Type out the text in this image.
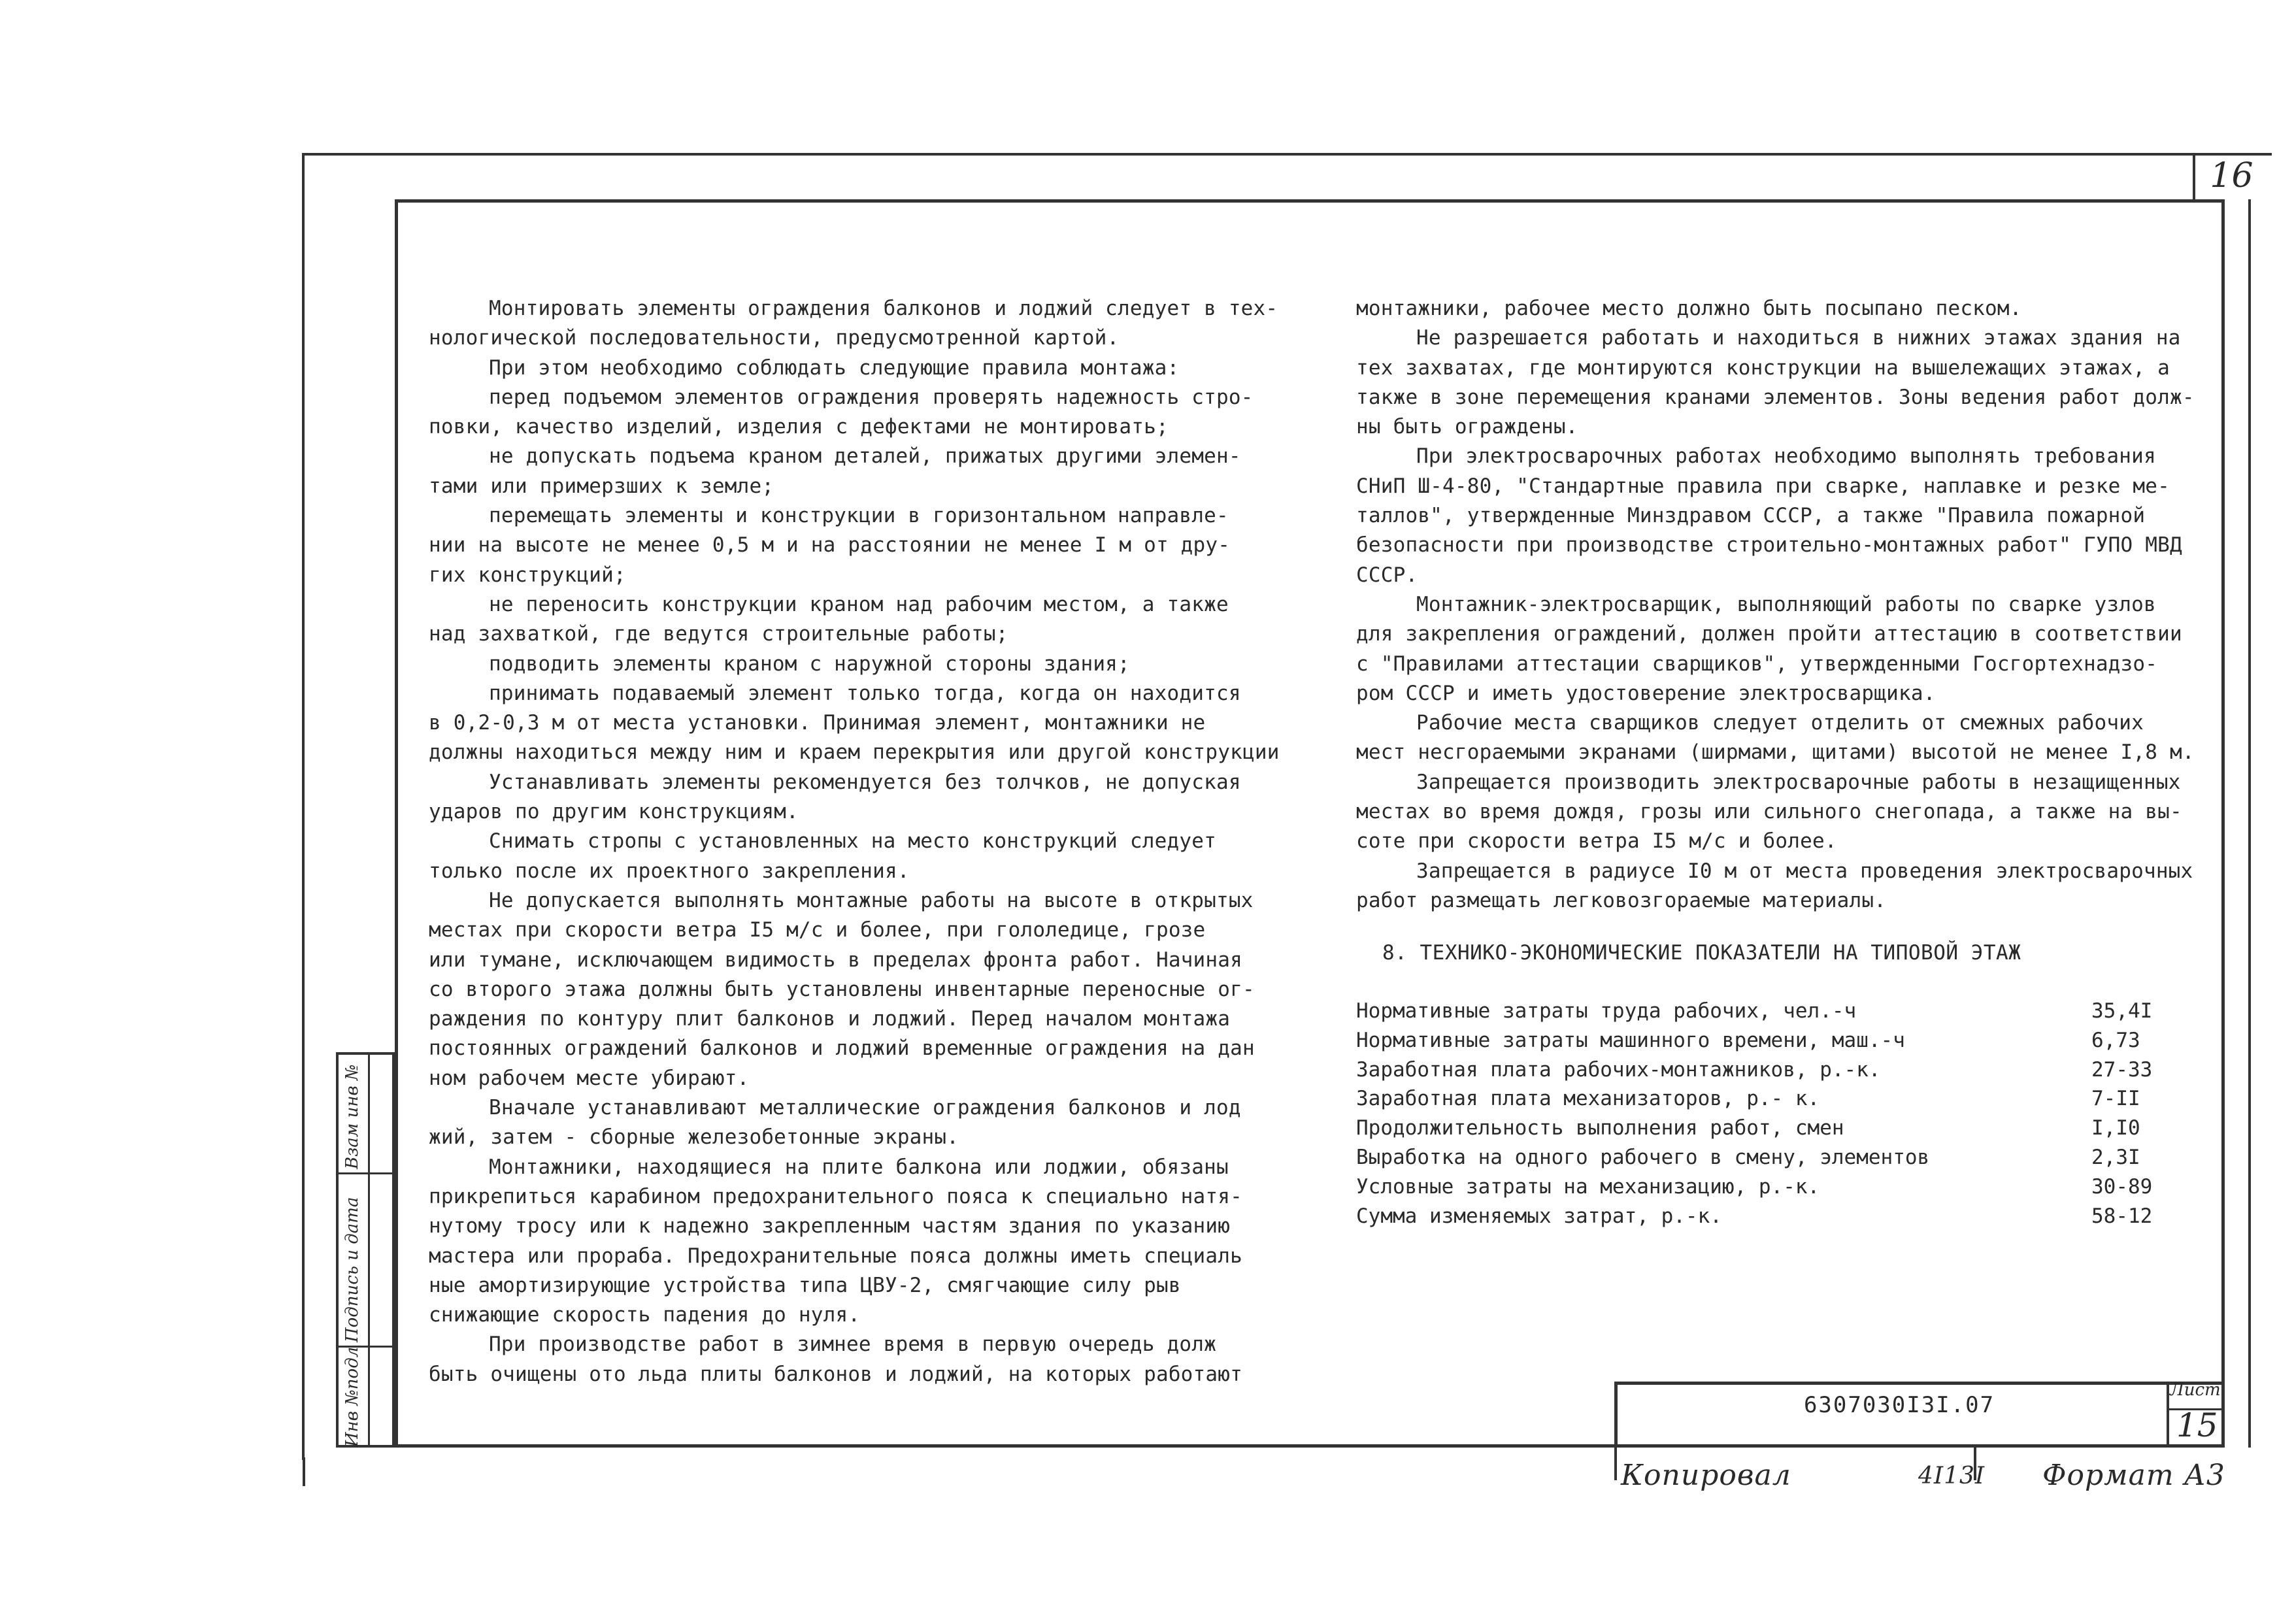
16

Монтировать элементы ограждения балконов и лоджий следует в тех-

нологической последовательности, предусмотренной картой.

При этом необходимо соблюдать следующие правила монтажа:

перед подъемом элементов ограждения проверять надежность стро-

повки, качество изделий, изделия с дефектами не монтировать;

не допускать подъема краном деталей, прижатых другими элемен-

тами или примерзших к земле;

перемещать элементы и конструкции в горизонтальном направле-

нии на высоте не менее 0,5 м и на расстоянии не менее I м от дру-

гих конструкций;

не переносить конструкции краном над рабочим местом, а также

над захваткой, где ведутся строительные работы;

подводить элементы краном с наружной стороны здания;

принимать подаваемый элемент только тогда, когда он находится

в 0,2-0,3 м от места установки. Принимая элемент, монтажники не

должны находиться между ним и краем перекрытия или другой конструкции

Устанавливать элементы рекомендуется без толчков, не допуская

ударов по другим конструкциям.

Снимать стропы с установленных на место конструкций следует

только после их проектного закрепления.

Не допускается выполнять монтажные работы на высоте в открытых

местах при скорости ветра I5 м/с и более, при гололедице, грозе

или тумане, исключающем видимость в пределах фронта работ. Начиная

со второго этажа должны быть установлены инвентарные переносные ог-

раждения по контуру плит балконов и лоджий. Перед началом монтажа

постоянных ограждений балконов и лоджий временные ограждения на дан

ном рабочем месте убирают.

Вначале устанавливают металлические ограждения балконов и лод

жий, затем - сборные железобетонные экраны.

Монтажники, находящиеся на плите балкона или лоджии, обязаны

прикрепиться карабином предохранительного пояса к специально натя-

нутому тросу или к надежно закрепленным частям здания по указанию

мастера или прораба. Предохранительные пояса должны иметь специаль

ные амортизирующие устройства типа ЦВУ-2, смягчающие силу рыв

снижающие скорость падения до нуля.

При производстве работ в зимнее время в первую очередь долж

быть очищены ото льда плиты балконов и лоджий, на которых работают

монтажники, рабочее место должно быть посыпано песком.

Не разрешается работать и находиться в нижних этажах здания на

тех захватах, где монтируются конструкции на вышележащих этажах, а

также в зоне перемещения кранами элементов. Зоны ведения работ долж-

ны быть ограждены.

При электросварочных работах необходимо выполнять требования

СНиП Ш-4-80, "Стандартные правила при сварке, наплавке и резке ме-

таллов", утвержденные Минздравом СССР, а также "Правила пожарной

безопасности при производстве строительно-монтажных работ" ГУПО МВД

СССР.

Монтажник-электросварщик, выполняющий работы по сварке узлов

для закрепления ограждений, должен пройти аттестацию в соответствии

с "Правилами аттестации сварщиков", утвержденными Госгортехнадзо-

ром СССР и иметь удостоверение электросварщика.

Рабочие места сварщиков следует отделить от смежных рабочих

мест несгораемыми экранами (ширмами, щитами) высотой не менее I,8 м.

Запрещается производить электросварочные работы в незащищенных

местах во время дождя, грозы или сильного снегопада, а также на вы-

соте при скорости ветра I5 м/с и более.

Запрещается в радиусе I0 м от места проведения электросварочных

работ размещать легковозгораемые материалы.

8. ТЕХНИКО-ЭКОНОМИЧЕСКИЕ ПОКАЗАТЕЛИ НА ТИПОВОЙ ЭТАЖ
Нормативные затраты труда рабочих, чел.-ч	35,4I
Нормативные затраты машинного времени, маш.-ч	6,73
Заработная плата рабочих-монтажников, р.-к.	27-33
Заработная плата механизаторов, р.- к.	7-II
Продолжительность выполнения работ, смен	I,I0
Выработка на одного рабочего в смену, элементов	2,3I
Условные затраты на механизацию, р.-к.	30-89
Сумма изменяемых затрат, р.-к.	58-12
6307030I3I.07
Лист
15
Взам инв №
Подпись и дата
Инв №подл
Копировал	4I13I Формат А3
